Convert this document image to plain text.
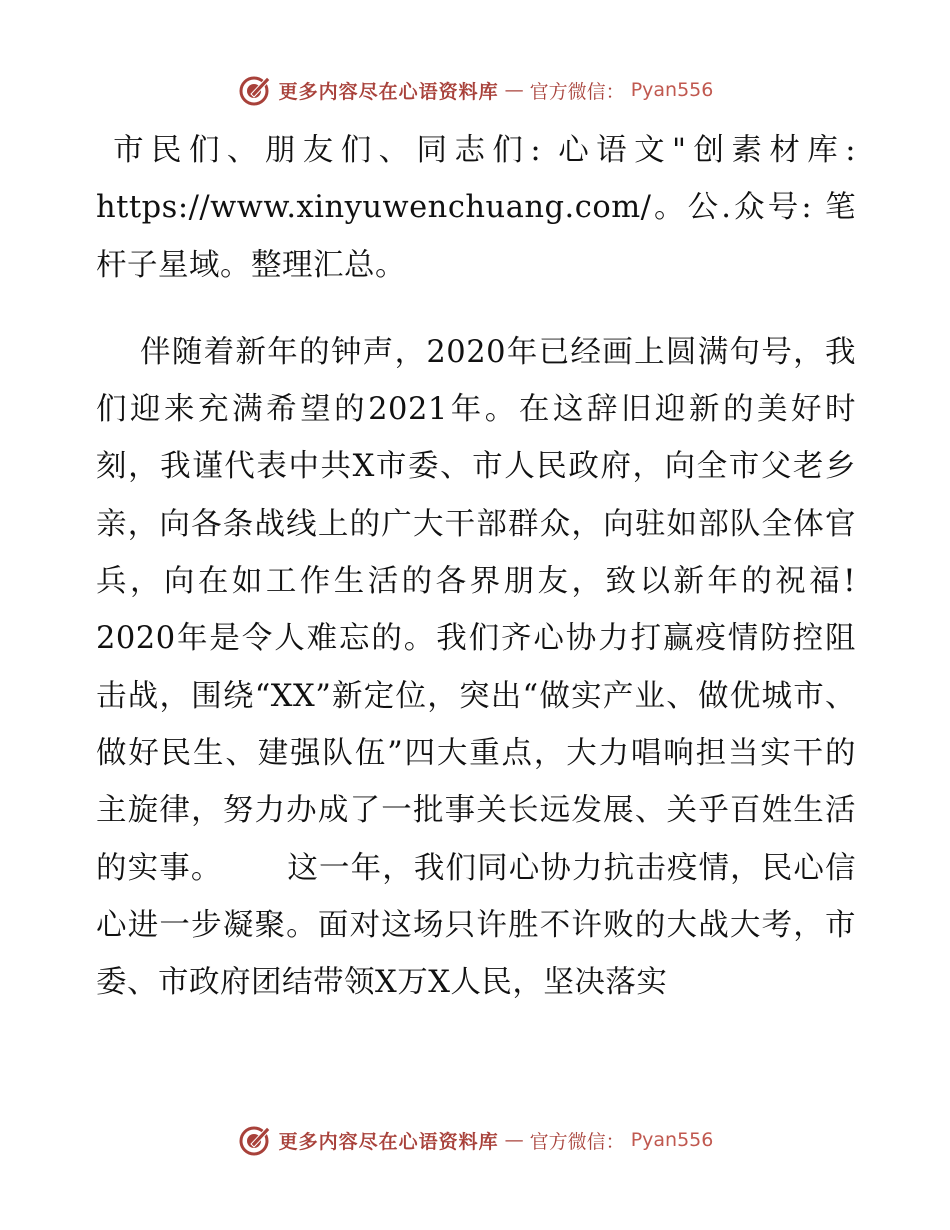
更多内容尽在心语资料库 — 官方微信： Pyan556

市民们、朋友们、同志们: 心语文"创素材库: https://www.xinyuwenchuang.com/。公.众号: 笔杆子星域。整理汇总。

伴随着新年的钟声，2020年已经画上圆满句号，我们迎来充满希望的2021年。在这辞旧迎新的美好时刻，我谨代表中共X市委、市人民政府，向全市父老乡亲，向各条战线上的广大干部群众，向驻如部队全体官兵，向在如工作生活的各界朋友，致以新年的祝福!      2020年是令人难忘的。我们齐心协力打赢疫情防控阻击战，围绕“XX”新定位，突出“做实产业、做优城市、做好民生、建强队伍”四大重点，大力唱响担当实干的主旋律，努力办成了一批事关长远发展、关乎百姓生活的实事。      这一年，我们同心协力抗击疫情，民心信心进一步凝聚。面对这场只许胜不许败的大战大考，市委、市政府团结带领X万X人民，坚决落实

更多内容尽在心语资料库 — 官方微信： Pyan556
